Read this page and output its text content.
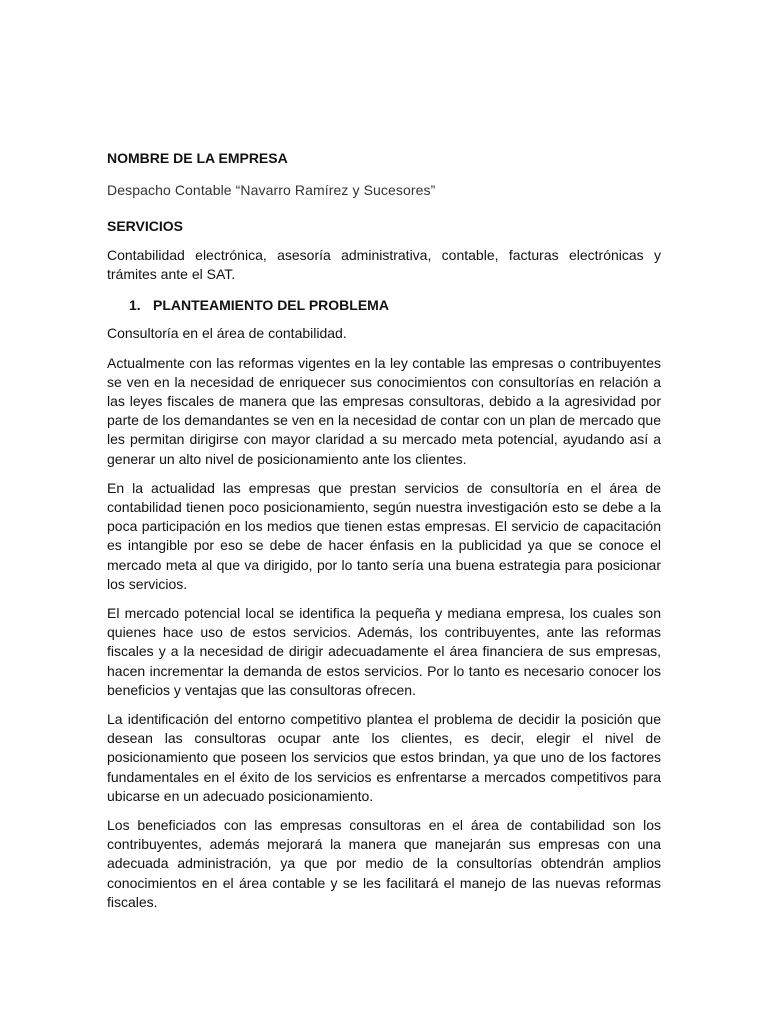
NOMBRE DE LA EMPRESA

Despacho Contable “Navarro Ramírez y Sucesores”

SERVICIOS

Contabilidad electrónica, asesoría administrativa, contable, facturas electrónicas y trámites ante el SAT.

1. PLANTEAMIENTO DEL PROBLEMA

Consultoría en el área de contabilidad.

Actualmente con las reformas vigentes en la ley contable las empresas o contribuyentes se ven en la necesidad de enriquecer sus conocimientos con consultorías en relación a las leyes fiscales de manera que las empresas consultoras, debido a la agresividad por parte de los demandantes se ven en la necesidad de contar con un plan de mercado que les permitan dirigirse con mayor claridad a su mercado meta potencial, ayudando así a generar un alto nivel de posicionamiento ante los clientes.

En la actualidad las empresas que prestan servicios de consultoría en el área de contabilidad tienen poco posicionamiento, según nuestra investigación esto se debe a la poca participación en los medios que tienen estas empresas. El servicio de capacitación es intangible por eso se debe de hacer énfasis en la publicidad ya que se conoce el mercado meta al que va dirigido, por lo tanto sería una buena estrategia para posicionar los servicios.

El mercado potencial local se identifica la pequeña y mediana empresa, los cuales son quienes hace uso de estos servicios. Además, los contribuyentes, ante las reformas fiscales y a la necesidad de dirigir adecuadamente el área financiera de sus empresas, hacen incrementar la demanda de estos servicios. Por lo tanto es necesario conocer los beneficios y ventajas que las consultoras ofrecen.

La identificación del entorno competitivo plantea el problema de decidir la posición que desean las consultoras ocupar ante los clientes, es decir, elegir el nivel de posicionamiento que poseen los servicios que estos brindan, ya que uno de los factores fundamentales en el éxito de los servicios es enfrentarse a mercados competitivos para ubicarse en un adecuado posicionamiento.

Los beneficiados con las empresas consultoras en el área de contabilidad son los contribuyentes, además mejorará la manera que manejarán sus empresas con una adecuada administración, ya que por medio de la consultorías obtendrán amplios conocimientos en el área contable y se les facilitará el manejo de las nuevas reformas fiscales.
